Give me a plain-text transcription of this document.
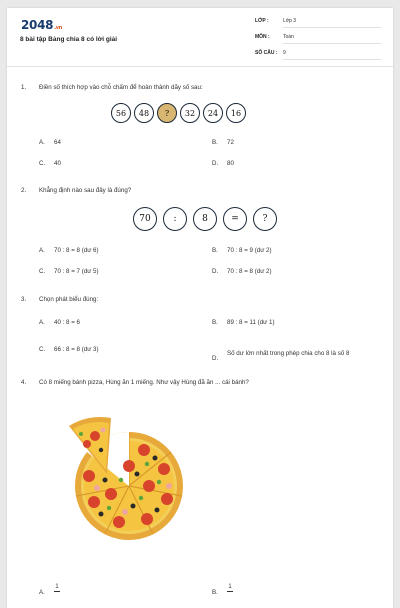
2048.vn
8 bài tập Bảng chia 8 có lời giải
LỚP :	Lớp 3
MÔN :	Toán
SỐ CÂU : 9
1. Điền số thích hợp vào chỗ chấm để hoàn thành dãy số sau:
56	48	?	32	24	16
A. 64	B. 72
C. 40	D. 80
2. Khẳng định nào sau đây là đúng?
70	:	8	=	?
A. 70 : 8 = 8 (dư 6)	B. 70 : 8 = 9 (dư 2)
C. 70 : 8 = 7 (dư 5)	D. 70 : 8 = 8 (dư 2)
3. Chọn phát biểu đúng:
A. 40 : 8 = 6	B. 89 : 8 = 11 (dư 1)
C. 66 : 8 = 8 (dư 3)
D.
Số dư lớn nhất trong phép chia cho 8 là số 8
4. Có 8 miếng bánh pizza, Hùng ăn 1 miếng. Như vậy Hùng đã ăn ... cái bánh?
A.
1
B.
1
